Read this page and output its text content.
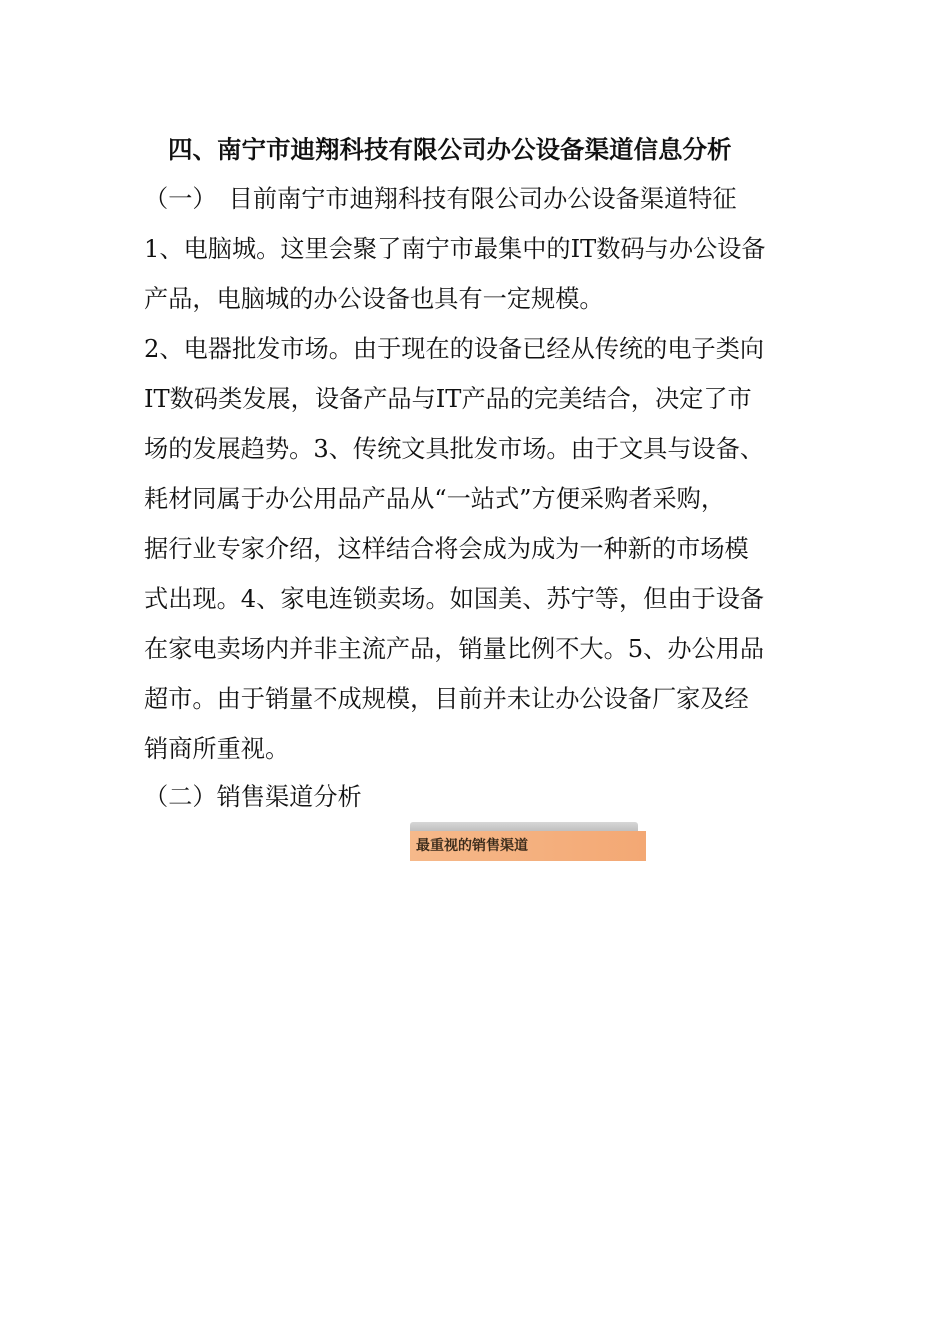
四、南宁市迪翔科技有限公司办公设备渠道信息分析

（一）　目前南宁市迪翔科技有限公司办公设备渠道特征

1、电脑城。这里会聚了南宁市最集中的IT数码与办公设备

产品，电脑城的办公设备也具有一定规模。

2、电器批发市场。由于现在的设备已经从传统的电子类向

IT数码类发展，设备产品与IT产品的完美结合，决定了市

场的发展趋势。3、传统文具批发市场。由于文具与设备、

耗材同属于办公用品产品从“一站式”方便采购者采购，

据行业专家介绍，这样结合将会成为成为一种新的市场模

式出现。4、家电连锁卖场。如国美、苏宁等，但由于设备

在家电卖场内并非主流产品，销量比例不大。5、办公用品

超市。由于销量不成规模，目前并未让办公设备厂家及经

销商所重视。

（二）销售渠道分析

最重视的销售渠道
